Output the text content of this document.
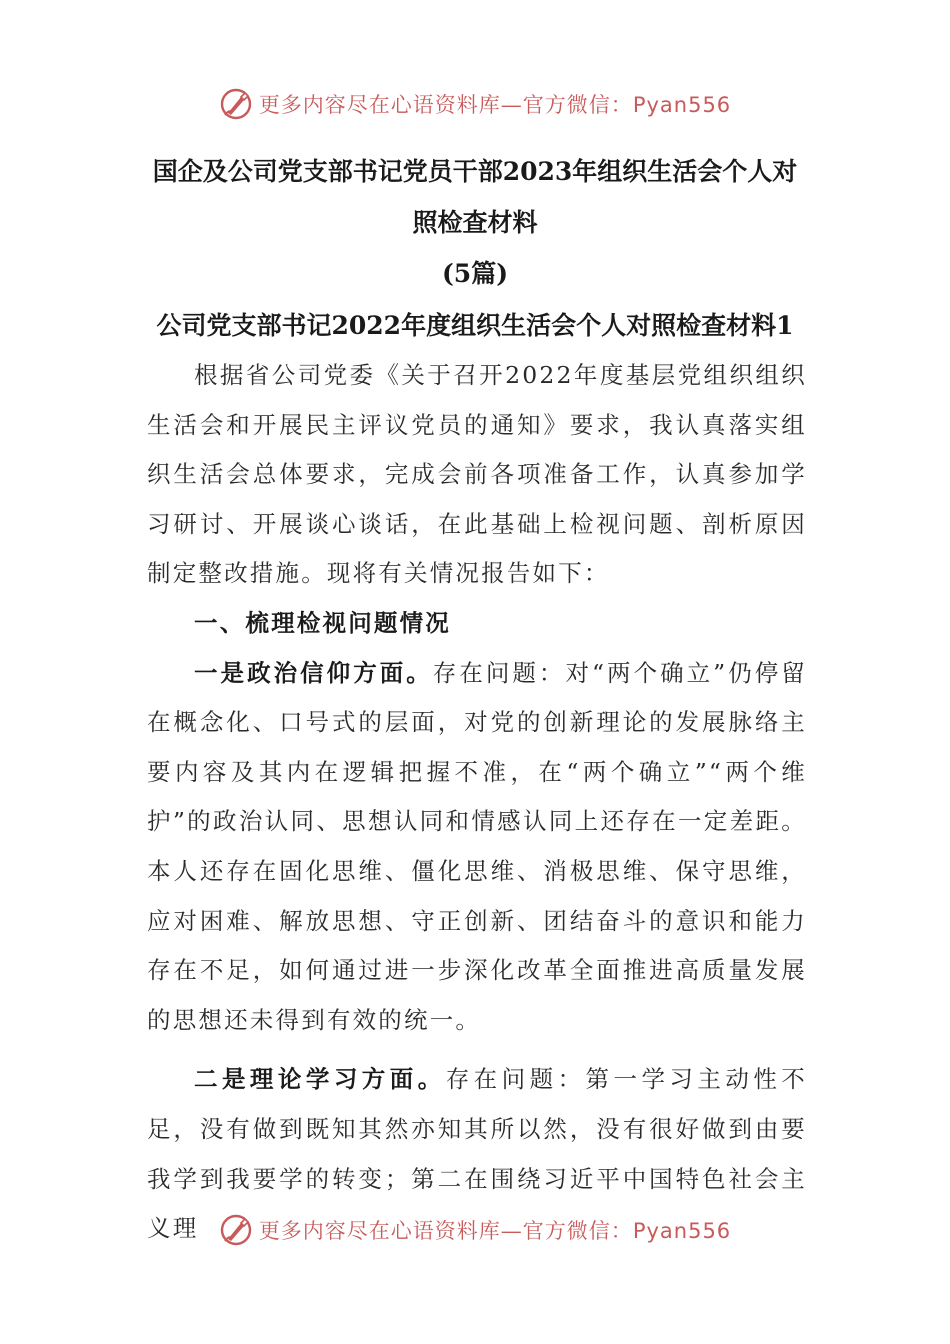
更多内容尽在心语资料库—官方微信：Pyan556
国企及公司党支部书记党员干部2023年组织生活会个人对
照检查材料
(5篇)
公司党支部书记2022年度组织生活会个人对照检查材料1

根据省公司党委《关于召开2022年度基层党组织组织生活会和开展民主评议党员的通知》要求，我认真落实组织生活会总体要求，完成会前各项准备工作，认真参加学习研讨、开展谈心谈话，在此基础上检视问题、剖析原因制定整改措施。现将有关情况报告如下：

一、梳理检视问题情况

一是政治信仰方面。存在问题：对“两个确立”仍停留在概念化、口号式的层面，对党的创新理论的发展脉络主要内容及其内在逻辑把握不准，在“两个确立”“两个维护”的政治认同、思想认同和情感认同上还存在一定差距。本人还存在固化思维、僵化思维、消极思维、保守思维，应对困难、解放思想、守正创新、团结奋斗的意识和能力存在不足，如何通过进一步深化改革全面推进高质量发展的思想还未得到有效的统一。

二是理论学习方面。存在问题：第一学习主动性不足，没有做到既知其然亦知其所以然，没有很好做到由要我学到我要学的转变；第二在围绕习近平中国特色社会主义理	更多内容尽在心语资料库—官方微信：Pyan556
